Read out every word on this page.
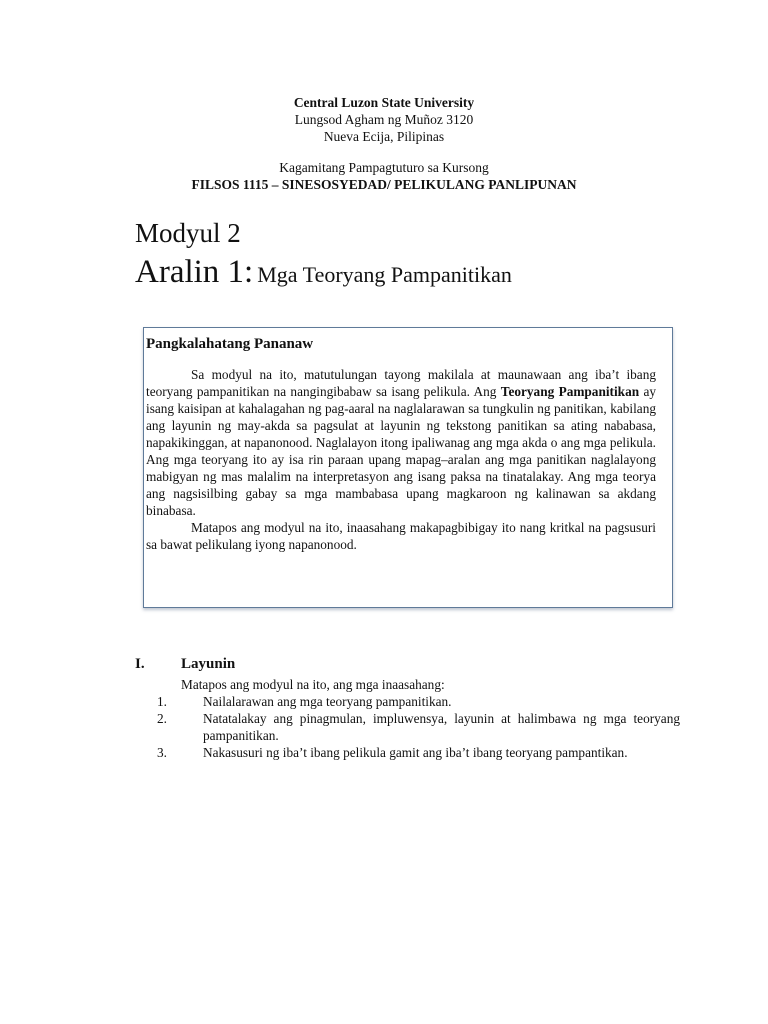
Central Luzon State University
Lungsod Agham ng Muñoz 3120
Nueva Ecija, Pilipinas
Kagamitang Pampagtuturo sa Kursong
FILSOS 1115 – SINESOSYEDAD/ PELIKULANG PANLIPUNAN
Modyul 2
Aralin 1: Mga Teoryang Pampanitikan
Pangkalahatang Pananaw

Sa modyul na ito, matutulungan tayong makilala at maunawaan ang iba’t ibang teoryang pampanitikan na nangingibabaw sa isang pelikula. Ang Teoryang Pampanitikan ay isang kaisipan at kahalagahan ng pag-aaral na naglalarawan sa tungkulin ng panitikan, kabilang ang layunin ng may-akda sa pagsulat at layunin ng tekstong panitikan sa ating nababasa, napakikinggan, at napanonood. Naglalayon itong ipaliwanag ang mga akda o ang mga pelikula. Ang mga teoryang ito ay isa rin paraan upang mapag–aralan ang mga panitikan naglalayong mabigyan ng mas malalim na interpretasyon ang isang paksa na tinatalakay. Ang mga teorya ang nagsisilbing gabay sa mga mambabasa upang magkaroon ng kalinawan sa akdang binabasa.

Matapos ang modyul na ito, inaasahang makapagbibigay ito nang kritkal na pagsusuri sa bawat pelikulang iyong napanonood.

I. Layunin
Matapos ang modyul na ito, ang mga inaasahang:
1.	Nailalarawan ang mga teoryang pampanitikan.
2.	Natatalakay ang pinagmulan, impluwensya, layunin at halimbawa ng mga teoryang pampanitikan.
3.	Nakasusuri ng iba’t ibang pelikula gamit ang iba’t ibang teoryang pampantikan.
